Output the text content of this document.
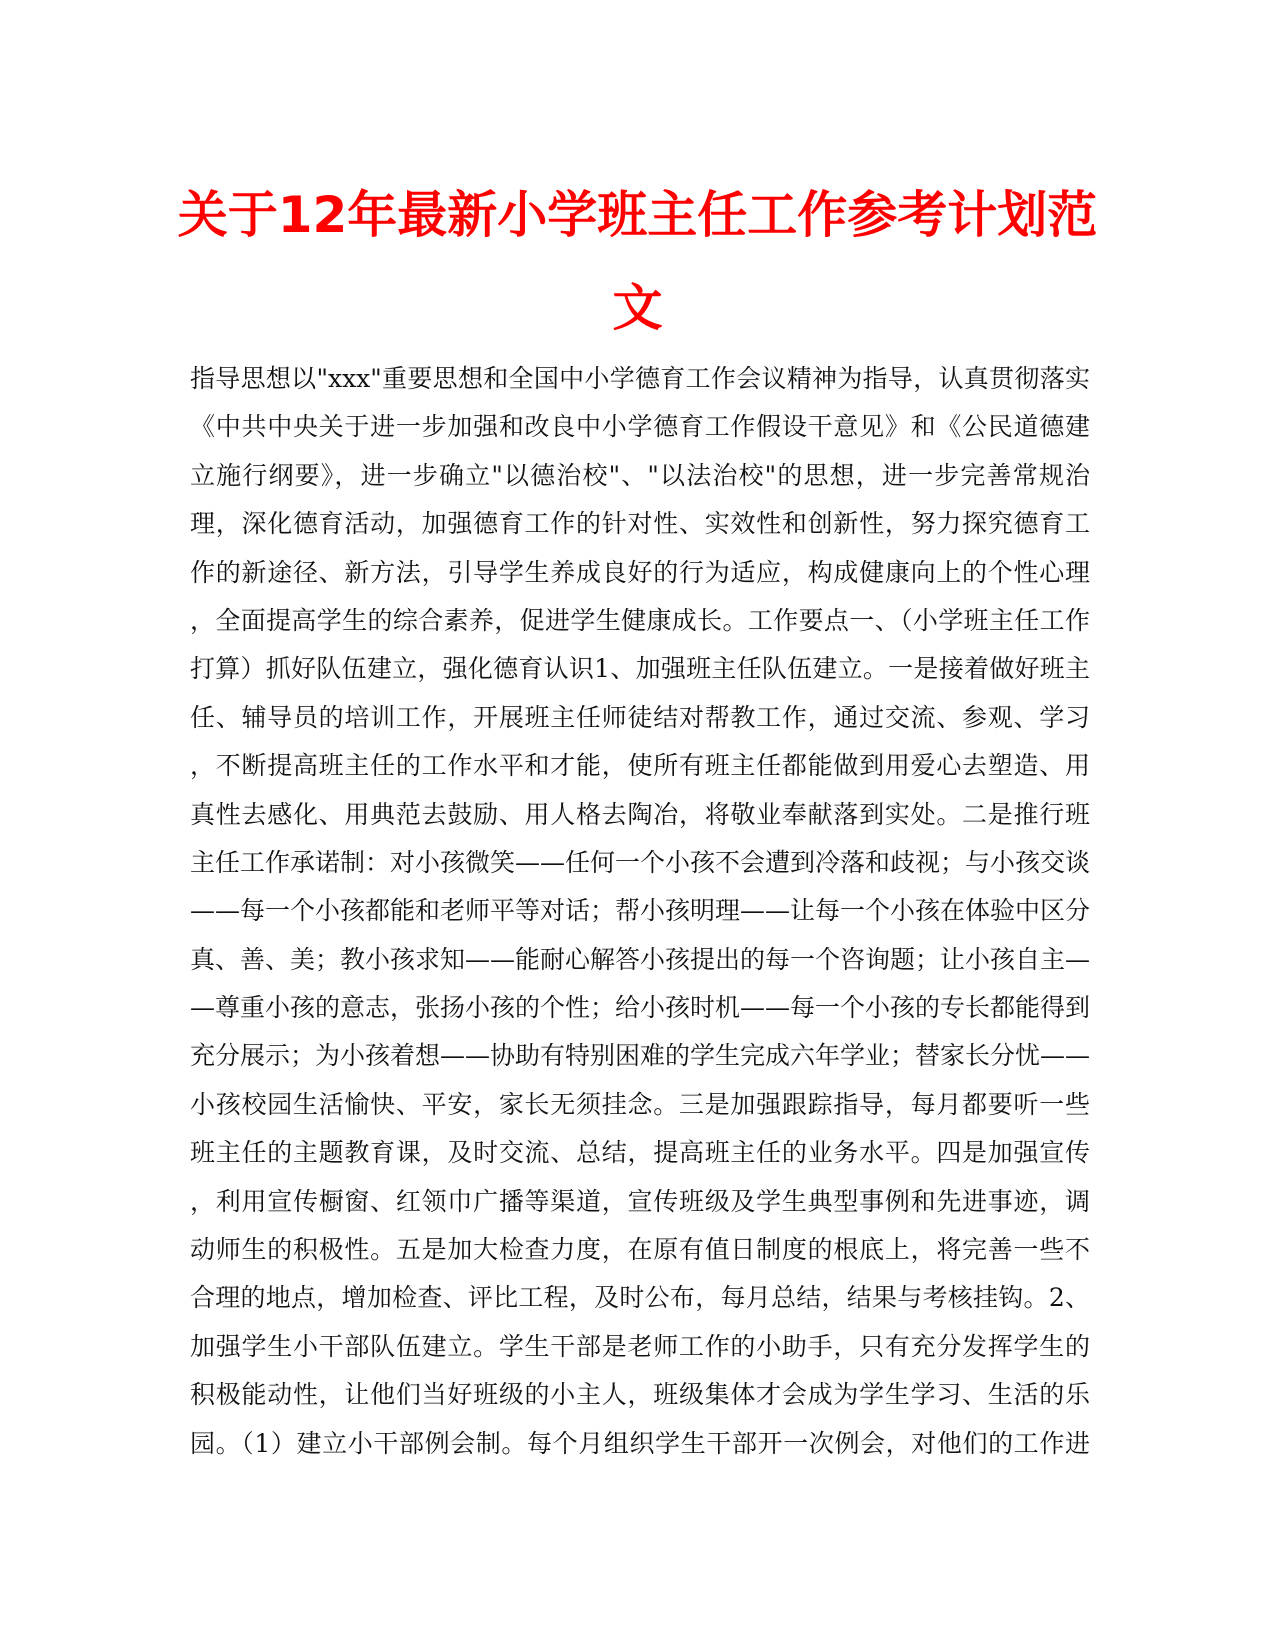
关于12年最新小学班主任工作参考计划范
文
指导思想以"xxx"重要思想和全国中小学德育工作会议精神为指导，认真贯彻落实
《中共中央关于进一步加强和改良中小学德育工作假设干意见》和《公民道德建
立施行纲要》，进一步确立"以德治校"、"以法治校"的思想，进一步完善常规治
理，深化德育活动，加强德育工作的针对性、实效性和创新性，努力探究德育工
作的新途径、新方法，引导学生养成良好的行为适应，构成健康向上的个性心理
，全面提高学生的综合素养，促进学生健康成长。工作要点一、（小学班主任工作
打算）抓好队伍建立，强化德育认识1、加强班主任队伍建立。一是接着做好班主
任、辅导员的培训工作，开展班主任师徒结对帮教工作，通过交流、参观、学习
，不断提高班主任的工作水平和才能，使所有班主任都能做到用爱心去塑造、用
真性去感化、用典范去鼓励、用人格去陶冶，将敬业奉献落到实处。二是推行班
主任工作承诺制：对小孩微笑——任何一个小孩不会遭到冷落和歧视；与小孩交谈
——每一个小孩都能和老师平等对话；帮小孩明理——让每一个小孩在体验中区分
真、善、美；教小孩求知——能耐心解答小孩提出的每一个咨询题；让小孩自主—
—尊重小孩的意志，张扬小孩的个性；给小孩时机——每一个小孩的专长都能得到
充分展示；为小孩着想——协助有特别困难的学生完成六年学业；替家长分忧——
小孩校园生活愉快、平安，家长无须挂念。三是加强跟踪指导，每月都要听一些
班主任的主题教育课，及时交流、总结，提高班主任的业务水平。四是加强宣传
，利用宣传橱窗、红领巾广播等渠道，宣传班级及学生典型事例和先进事迹，调
动师生的积极性。五是加大检查力度，在原有值日制度的根底上，将完善一些不
合理的地点，增加检查、评比工程，及时公布，每月总结，结果与考核挂钩。2、
加强学生小干部队伍建立。学生干部是老师工作的小助手，只有充分发挥学生的
积极能动性，让他们当好班级的小主人，班级集体才会成为学生学习、生活的乐
园。（1）建立小干部例会制。每个月组织学生干部开一次例会，对他们的工作进
